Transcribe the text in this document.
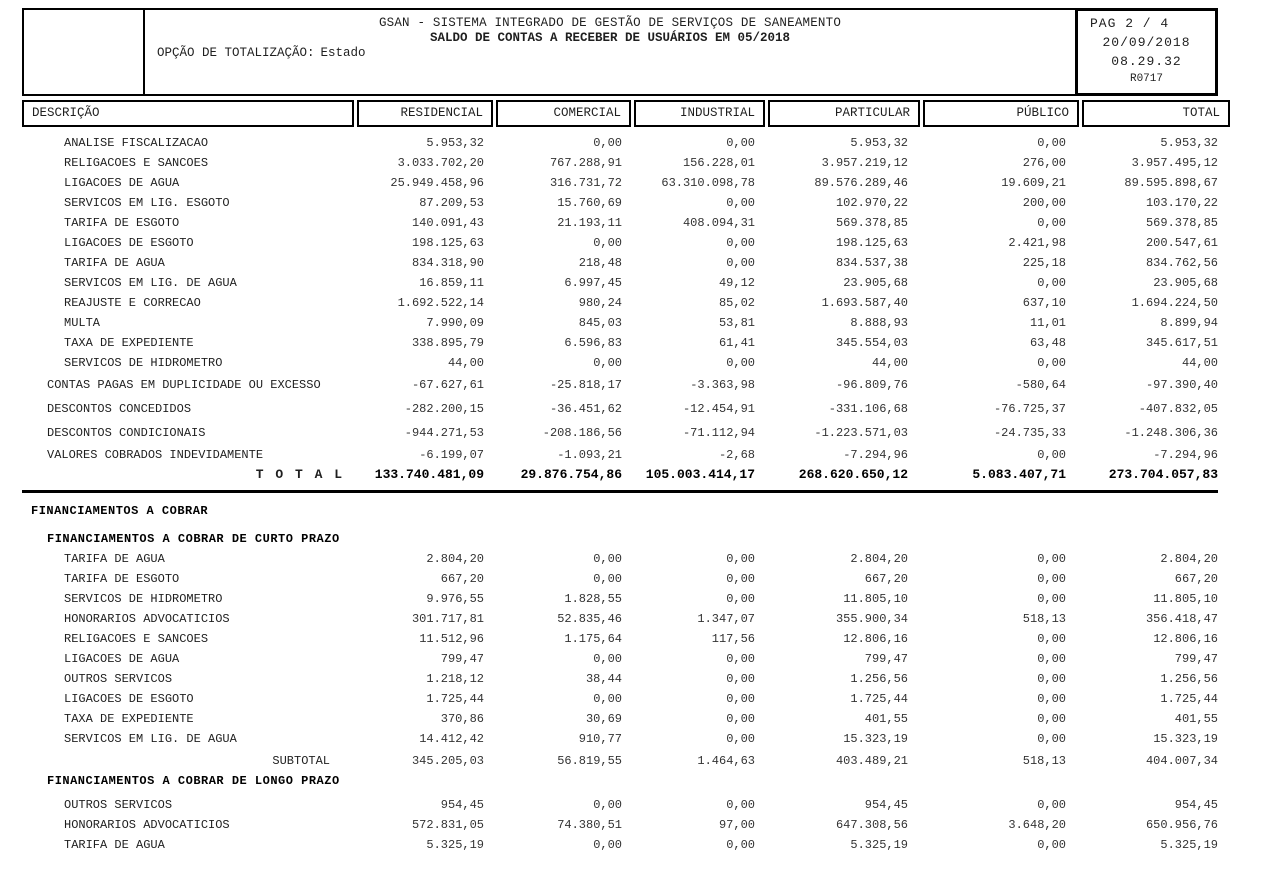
GSAN - SISTEMA INTEGRADO DE GESTÃO DE SERVIÇOS DE SANEAMENTO
SALDO DE CONTAS A RECEBER DE USUÁRIOS EM 05/2018
OPÇÃO DE TOTALIZAÇÃO: Estado
PAG 2 / 4
20/09/2018
08.29.32
R0717
DESCRIÇÃO	RESIDENCIAL	COMERCIAL	INDUSTRIAL	PARTICULAR	PÚBLICO	TOTAL
ANALISE FISCALIZACAO	5.953,32	0,00	0,00	5.953,32	0,00	5.953,32
RELIGACOES E SANCOES	3.033.702,20	767.288,91	156.228,01	3.957.219,12	276,00	3.957.495,12
LIGACOES DE AGUA	25.949.458,96	316.731,72	63.310.098,78	89.576.289,46	19.609,21	89.595.898,67
SERVICOS EM LIG. ESGOTO	87.209,53	15.760,69	0,00	102.970,22	200,00	103.170,22
TARIFA DE ESGOTO	140.091,43	21.193,11	408.094,31	569.378,85	0,00	569.378,85
LIGACOES DE ESGOTO	198.125,63	0,00	0,00	198.125,63	2.421,98	200.547,61
TARIFA DE AGUA	834.318,90	218,48	0,00	834.537,38	225,18	834.762,56
SERVICOS EM LIG. DE AGUA	16.859,11	6.997,45	49,12	23.905,68	0,00	23.905,68
REAJUSTE E CORRECAO	1.692.522,14	980,24	85,02	1.693.587,40	637,10	1.694.224,50
MULTA	7.990,09	845,03	53,81	8.888,93	11,01	8.899,94
TAXA DE EXPEDIENTE	338.895,79	6.596,83	61,41	345.554,03	63,48	345.617,51
SERVICOS DE HIDROMETRO	44,00	0,00	0,00	44,00	0,00	44,00
CONTAS PAGAS EM DUPLICIDADE OU EXCESSO	-67.627,61	-25.818,17	-3.363,98	-96.809,76	-580,64	-97.390,40
DESCONTOS CONCEDIDOS	-282.200,15	-36.451,62	-12.454,91	-331.106,68	-76.725,37	-407.832,05
DESCONTOS CONDICIONAIS	-944.271,53	-208.186,56	-71.112,94	-1.223.571,03	-24.735,33	-1.248.306,36
VALORES COBRADOS INDEVIDAMENTE	-6.199,07	-1.093,21	-2,68	-7.294,96	0,00	-7.294,96
T O T A L	133.740.481,09	29.876.754,86	105.003.414,17	268.620.650,12	5.083.407,71	273.704.057,83
FINANCIAMENTOS A COBRAR
FINANCIAMENTOS A COBRAR DE CURTO PRAZO
TARIFA DE AGUA	2.804,20	0,00	0,00	2.804,20	0,00	2.804,20
TARIFA DE ESGOTO	667,20	0,00	0,00	667,20	0,00	667,20
SERVICOS DE HIDROMETRO	9.976,55	1.828,55	0,00	11.805,10	0,00	11.805,10
HONORARIOS ADVOCATICIOS	301.717,81	52.835,46	1.347,07	355.900,34	518,13	356.418,47
RELIGACOES E SANCOES	11.512,96	1.175,64	117,56	12.806,16	0,00	12.806,16
LIGACOES DE AGUA	799,47	0,00	0,00	799,47	0,00	799,47
OUTROS SERVICOS	1.218,12	38,44	0,00	1.256,56	0,00	1.256,56
LIGACOES DE ESGOTO	1.725,44	0,00	0,00	1.725,44	0,00	1.725,44
TAXA DE EXPEDIENTE	370,86	30,69	0,00	401,55	0,00	401,55
SERVICOS EM LIG. DE AGUA	14.412,42	910,77	0,00	15.323,19	0,00	15.323,19
SUBTOTAL	345.205,03	56.819,55	1.464,63	403.489,21	518,13	404.007,34
FINANCIAMENTOS A COBRAR DE LONGO PRAZO
OUTROS SERVICOS	954,45	0,00	0,00	954,45	0,00	954,45
HONORARIOS ADVOCATICIOS	572.831,05	74.380,51	97,00	647.308,56	3.648,20	650.956,76
TARIFA DE AGUA	5.325,19	0,00	0,00	5.325,19	0,00	5.325,19
